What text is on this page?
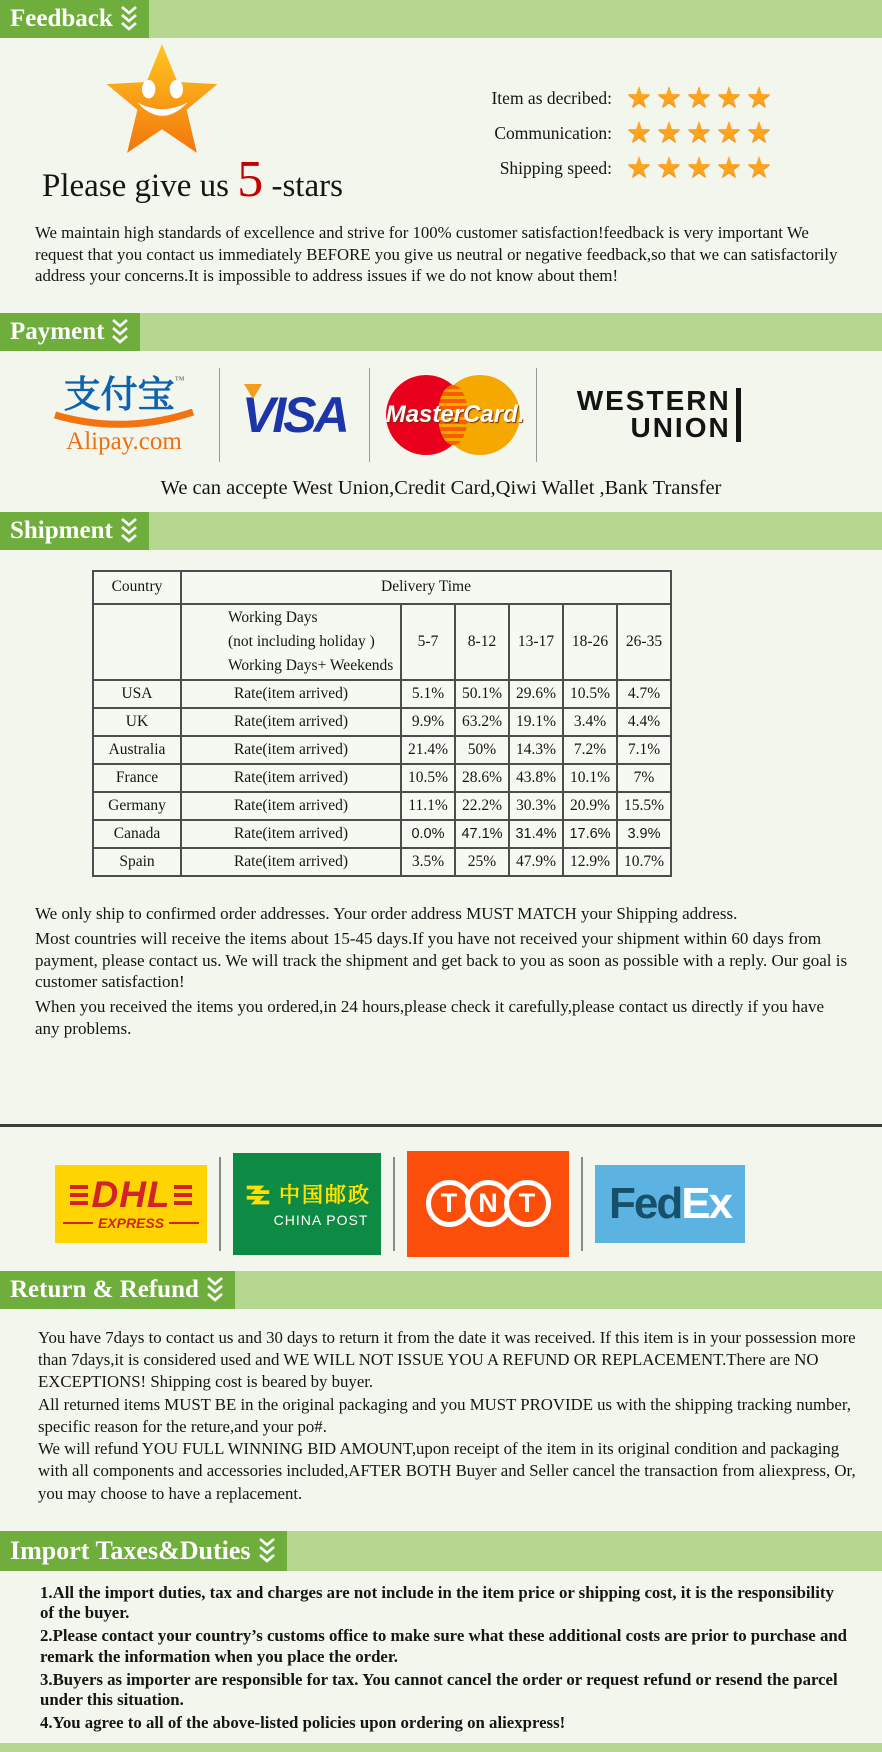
Feedback
Please give us 5 -stars
Item as decribed: ★★★★★
Communication: ★★★★★
Shipping speed: ★★★★★
We maintain high standards of excellence and strive for 100% customer satisfaction!feedback is very important We request that you contact us immediately BEFORE you give us neutral or negative feedback,so that we can satisfactorily address your concerns.It is impossible to address issues if we do not know about them!
Payment
支付宝™
Alipay.com	VISA MasterCard. WESTERN
UNION
We can accepte West Union,Credit Card,Qiwi Wallet ,Bank Transfer
Shipment
Country	Delivery Time					

	Working Days
(not including holiday )
Working Days+ Weekends	5-7	8-12	13-17	18-26	26-35
USA	Rate(item arrived)	5.1%	50.1%	29.6%	10.5%	4.7%
UK	Rate(item arrived)	9.9%	63.2%	19.1%	3.4%	4.4%
Australia	Rate(item arrived)	21.4%	50%	14.3%	7.2%	7.1%
France	Rate(item arrived)	10.5%	28.6%	43.8%	10.1%	7%
Germany	Rate(item arrived)	11.1%	22.2%	30.3%	20.9%	15.5%
Canada	Rate(item arrived)	0.0%	47.1%	31.4%	17.6%	3.9%
Spain	Rate(item arrived)	3.5%	25%	47.9%	12.9%	10.7%

We only ship to confirmed order addresses. Your order address MUST MATCH your Shipping address.

Most countries will receive the items about 15-45 days.If you have not received your shipment within 60 days from payment, please contact us. We will track the shipment and get back to you as soon as possible with a reply. Our goal is customer satisfaction!

When you received the items you ordered,in 24 hours,please check it carefully,please contact us directly if you have any problems.

DHL
EXPRESS
中国邮政
CHINA POST
T N T	Fed Ex
Return & Refund

You have 7days to contact us and 30 days to return it from the date it was received. If this item is in your possession more than 7days,it is considered used and WE WILL NOT ISSUE YOU A REFUND OR REPLACEMENT.There are NO EXCEPTIONS! Shipping cost is beared by buyer.

All returned items MUST BE in the original packaging and you MUST PROVIDE us with the shipping tracking number, specific reason for the reture,and your po#.

We will refund YOU FULL WINNING BID AMOUNT,upon receipt of the item in its original condition and packaging with all components and accessories included,AFTER BOTH Buyer and Seller cancel the transaction from aliexpress, Or, you may choose to have a replacement.

Import Taxes&Duties

1.All the import duties, tax and charges are not include in the item price or shipping cost, it is the responsibility of the buyer.

2.Please contact your country’s customs office to make sure what these additional costs are prior to purchase and remark the information when you place the order.

3.Buyers as importer are responsible for tax. You cannot cancel the order or request refund or resend the parcel under this situation.

4.You agree to all of the above-listed policies upon ordering on aliexpress!
